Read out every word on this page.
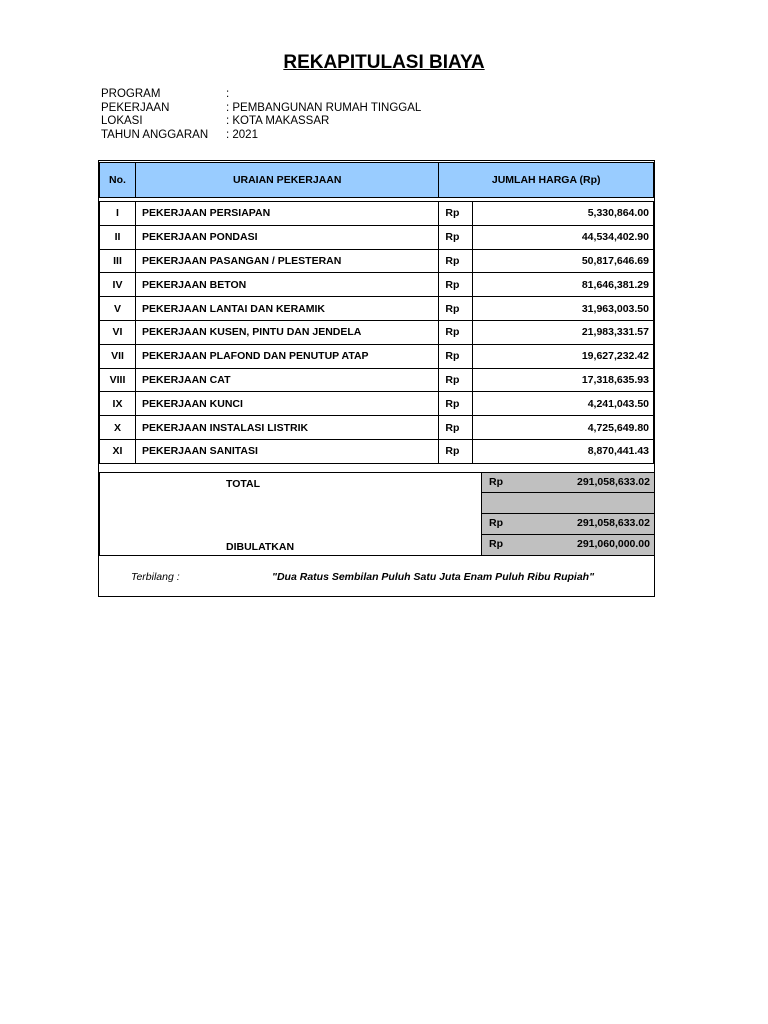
REKAPITULASI BIAYA
PROGRAM	:
PEKERJAAN	: PEMBANGUNAN RUMAH TINGGAL
LOKASI	: KOTA MAKASSAR
TAHUN ANGGARAN	: 2021
No.	URAIAN PEKERJAAN	JUMLAH HARGA (Rp)	

I	PEKERJAAN PERSIAPAN	Rp	5,330,864.00
II	PEKERJAAN PONDASI	Rp	44,534,402.90
III	PEKERJAAN PASANGAN / PLESTERAN	Rp	50,817,646.69
IV	PEKERJAAN BETON	Rp	81,646,381.29
V	PEKERJAAN LANTAI DAN KERAMIK	Rp	31,963,003.50
VI	PEKERJAAN KUSEN, PINTU DAN JENDELA	Rp	21,983,331.57
VII	PEKERJAAN PLAFOND DAN PENUTUP ATAP	Rp	19,627,232.42
VIII	PEKERJAAN CAT	Rp	17,318,635.93
IX	PEKERJAAN KUNCI	Rp	4,241,043.50
X	PEKERJAAN INSTALASI LISTRIK	Rp	4,725,649.80
XI	PEKERJAAN SANITASI	Rp	8,870,441.43
TOTAL	Rp	291,058,633.02
Rp	291,058,633.02
DIBULATKAN	Rp	291,060,000.00
Terbilang :	"Dua Ratus Sembilan Puluh Satu Juta Enam Puluh Ribu Rupiah"
